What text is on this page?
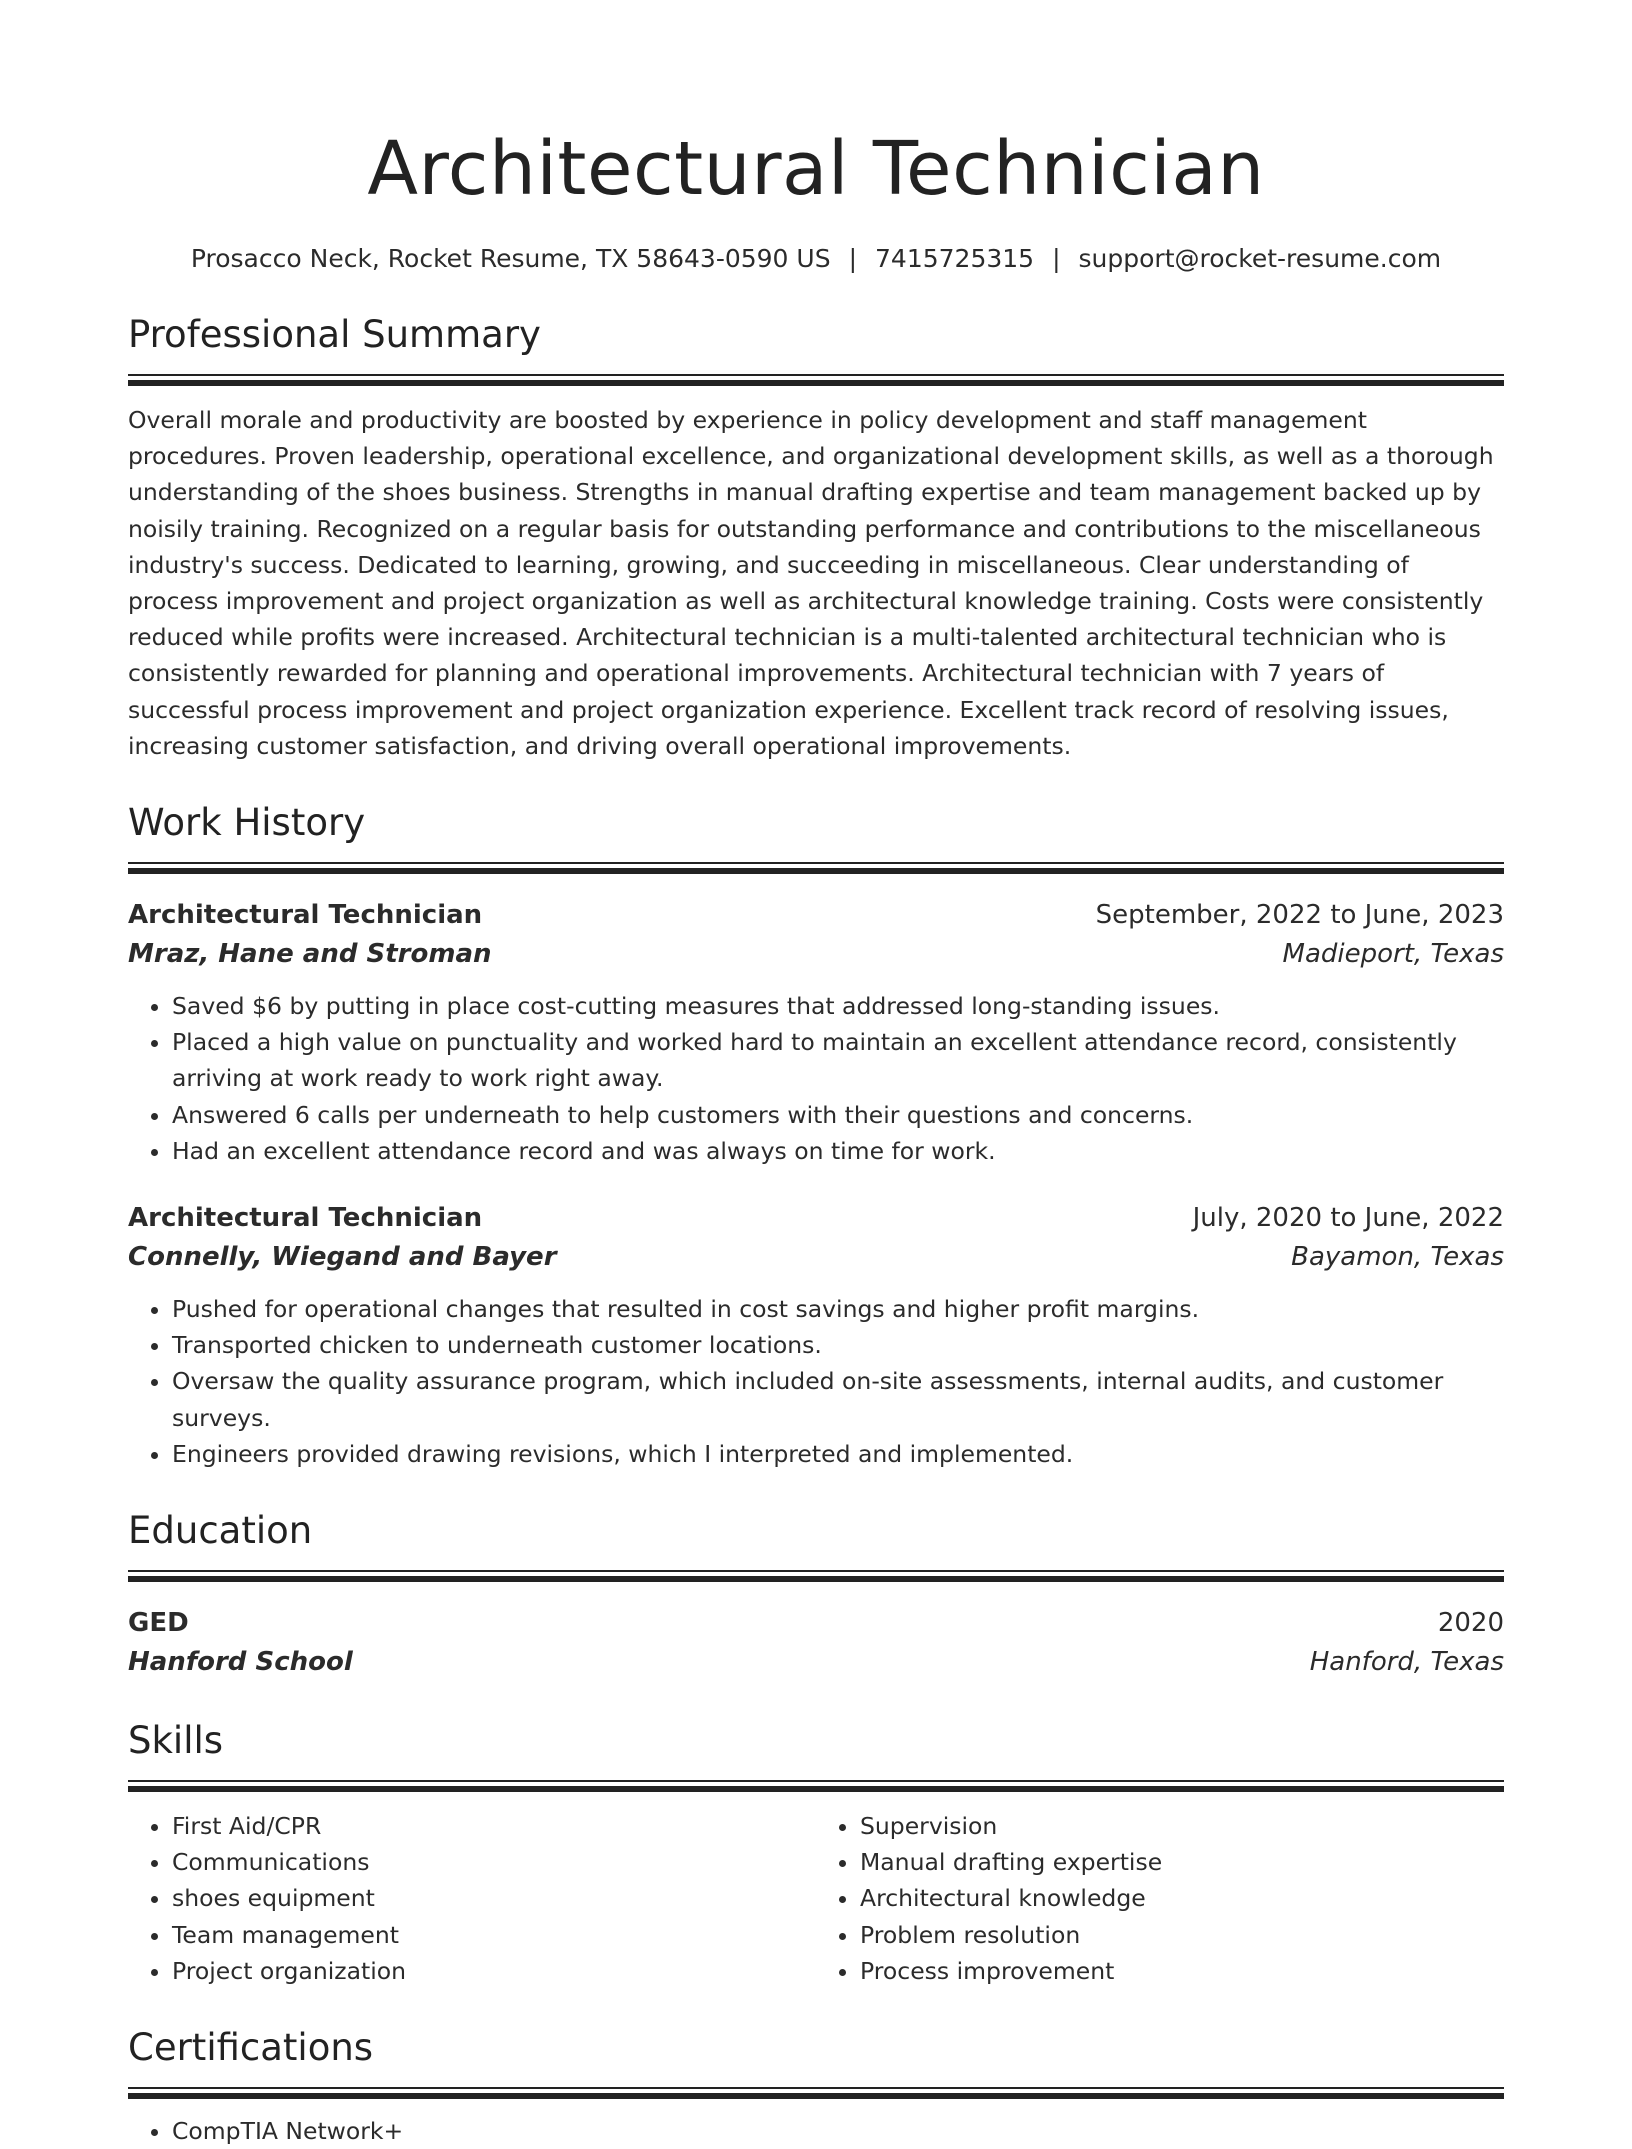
Architectural Technician
Prosacco Neck, Rocket Resume, TX 58643-0590 US | 7415725315 | support@rocket-resume.com
Professional Summary
Overall morale and productivity are boosted by experience in policy development and staff management procedures. Proven leadership, operational excellence, and organizational development skills, as well as a thorough understanding of the shoes business. Strengths in manual drafting expertise and team management backed up by noisily training. Recognized on a regular basis for outstanding performance and contributions to the miscellaneous industry's success. Dedicated to learning, growing, and succeeding in miscellaneous. Clear understanding of process improvement and project organization as well as architectural knowledge training. Costs were consistently reduced while profits were increased. Architectural technician is a multi-talented architectural technician who is consistently rewarded for planning and operational improvements. Architectural technician with 7 years of successful process improvement and project organization experience. Excellent track record of resolving issues, increasing customer satisfaction, and driving overall operational improvements.
Work History
Architectural Technician	September, 2022 to June, 2023
Mraz, Hane and Stroman	Madieport, Texas
• Saved $6 by putting in place cost-cutting measures that addressed long-standing issues.
• Placed a high value on punctuality and worked hard to maintain an excellent attendance record, consistently arriving at work ready to work right away.
• Answered 6 calls per underneath to help customers with their questions and concerns.
• Had an excellent attendance record and was always on time for work.
Architectural Technician	July, 2020 to June, 2022
Connelly, Wiegand and Bayer	Bayamon, Texas
• Pushed for operational changes that resulted in cost savings and higher profit margins.
• Transported chicken to underneath customer locations.
• Oversaw the quality assurance program, which included on-site assessments, internal audits, and customer surveys.
• Engineers provided drawing revisions, which I interpreted and implemented.
Education
GED	2020
Hanford School	Hanford, Texas
Skills
• First Aid/CPR
• Communications
• shoes equipment
• Team management
• Project organization
• Supervision
• Manual drafting expertise
• Architectural knowledge
• Problem resolution
• Process improvement
Certifications
• CompTIA Network+
